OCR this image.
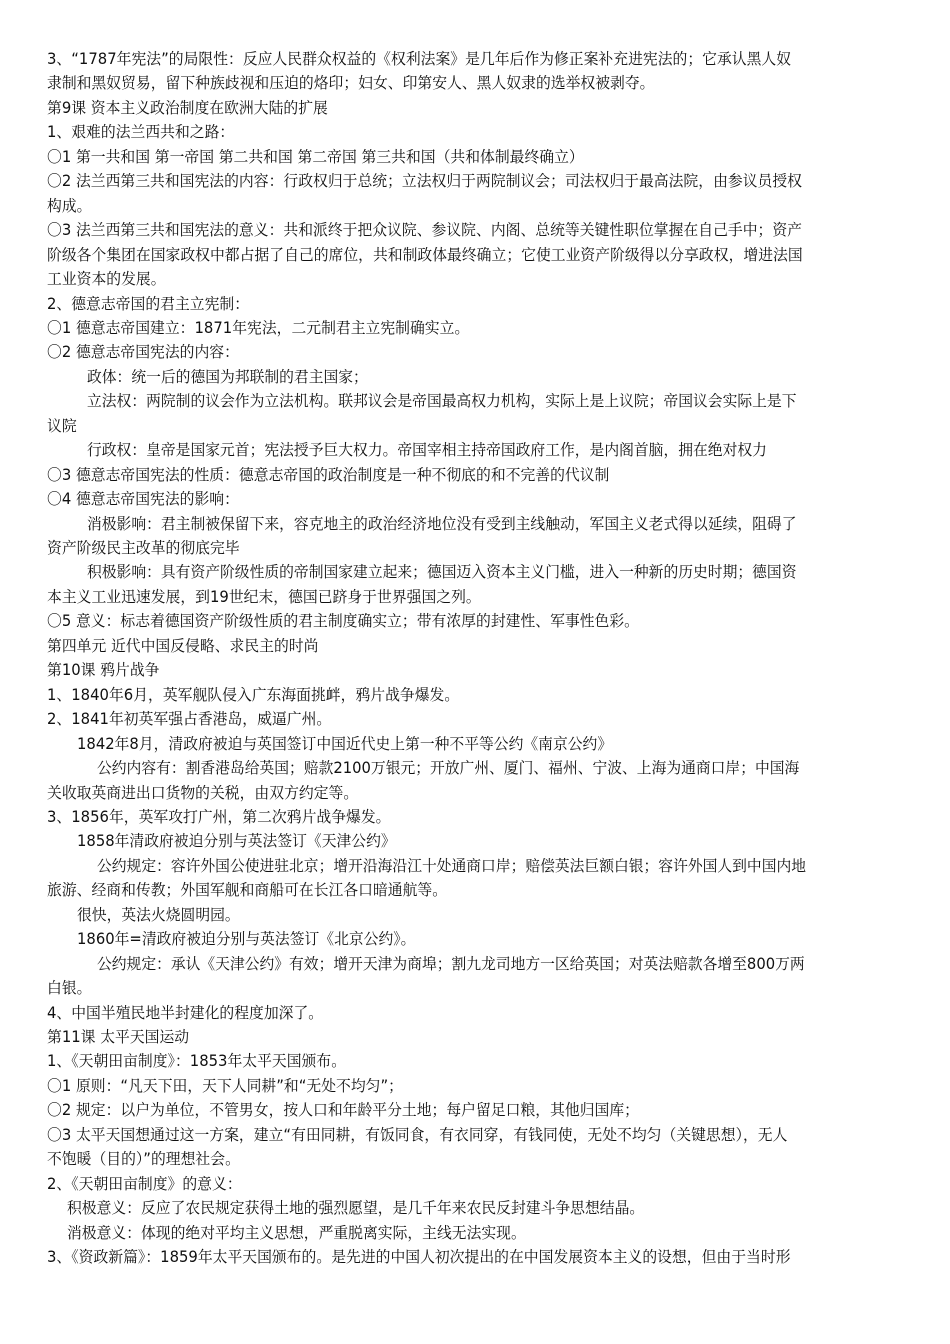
3、“1787年宪法”的局限性：反应人民群众权益的《权利法案》是几年后作为修正案补充进宪法的；它承认黑人奴
隶制和黑奴贸易，留下种族歧视和压迫的烙印；妇女、印第安人、黑人奴隶的选举权被剥夺。
第9课 资本主义政治制度在欧洲大陆的扩展
1、艰难的法兰西共和之路：
〇1 第一共和国 第一帝国 第二共和国 第二帝国 第三共和国（共和体制最终确立）
〇2 法兰西第三共和国宪法的内容：行政权归于总统；立法权归于两院制议会；司法权归于最高法院，由参议员授权
构成。
〇3 法兰西第三共和国宪法的意义：共和派终于把众议院、参议院、内阁、总统等关键性职位掌握在自己手中；资产
阶级各个集团在国家政权中都占据了自己的席位，共和制政体最终确立；它使工业资产阶级得以分享政权，增进法国
工业资本的发展。
2、德意志帝国的君主立宪制：
〇1 德意志帝国建立：1871年宪法，二元制君主立宪制确实立。
〇2 德意志帝国宪法的内容：
政体：统一后的德国为邦联制的君主国家；
立法权：两院制的议会作为立法机构。联邦议会是帝国最高权力机构，实际上是上议院；帝国议会实际上是下
议院
行政权：皇帝是国家元首；宪法授予巨大权力。帝国宰相主持帝国政府工作，是内阁首脑，拥在绝对权力
〇3 德意志帝国宪法的性质：德意志帝国的政治制度是一种不彻底的和不完善的代议制
〇4 德意志帝国宪法的影响：
消极影响：君主制被保留下来，容克地主的政治经济地位没有受到主线触动，军国主义老式得以延续，阻碍了
资产阶级民主改革的彻底完毕
积极影响：具有资产阶级性质的帝制国家建立起来；德国迈入资本主义门槛，进入一种新的历史时期；德国资
本主义工业迅速发展，到19世纪末，德国已跻身于世界强国之列。
〇5 意义：标志着德国资产阶级性质的君主制度确实立；带有浓厚的封建性、军事性色彩。
第四单元 近代中国反侵略、求民主的时尚
第10课 鸦片战争
1、1840年6月，英军舰队侵入广东海面挑衅，鸦片战争爆发。
2、1841年初英军强占香港岛，威逼广州。
1842年8月，清政府被迫与英国签订中国近代史上第一种不平等公约《南京公约》
公约内容有：割香港岛给英国；赔款2100万银元；开放广州、厦门、福州、宁波、上海为通商口岸；中国海
关收取英商进出口货物的关税，由双方约定等。
3、1856年，英军攻打广州，第二次鸦片战争爆发。
1858年清政府被迫分别与英法签订《天津公约》
公约规定：容许外国公使进驻北京；增开沿海沿江十处通商口岸；赔偿英法巨额白银；容许外国人到中国内地
旅游、经商和传教；外国军舰和商船可在长江各口暗通航等。
很快，英法火烧圆明园。
1860年=清政府被迫分别与英法签订《北京公约》。
公约规定：承认《天津公约》有效；增开天津为商埠；割九龙司地方一区给英国；对英法赔款各增至800万两
白银。
4、中国半殖民地半封建化的程度加深了。
第11课 太平天国运动
1、《天朝田亩制度》：1853年太平天国颁布。
〇1 原则：“凡天下田，天下人同耕”和“无处不均匀”；
〇2 规定：以户为单位，不管男女，按人口和年龄平分土地；每户留足口粮，其他归国库；
〇3 太平天国想通过这一方案，建立“有田同耕，有饭同食，有衣同穿，有钱同使，无处不均匀（关键思想），无人
不饱暖（目的）”的理想社会。
2、《天朝田亩制度》的意义：
积极意义：反应了农民规定获得土地的强烈愿望，是几千年来农民反封建斗争思想结晶。
消极意义：体现的绝对平均主义思想，严重脱离实际，主线无法实现。
3、《资政新篇》：1859年太平天国颁布的。是先进的中国人初次提出的在中国发展资本主义的设想，但由于当时形
